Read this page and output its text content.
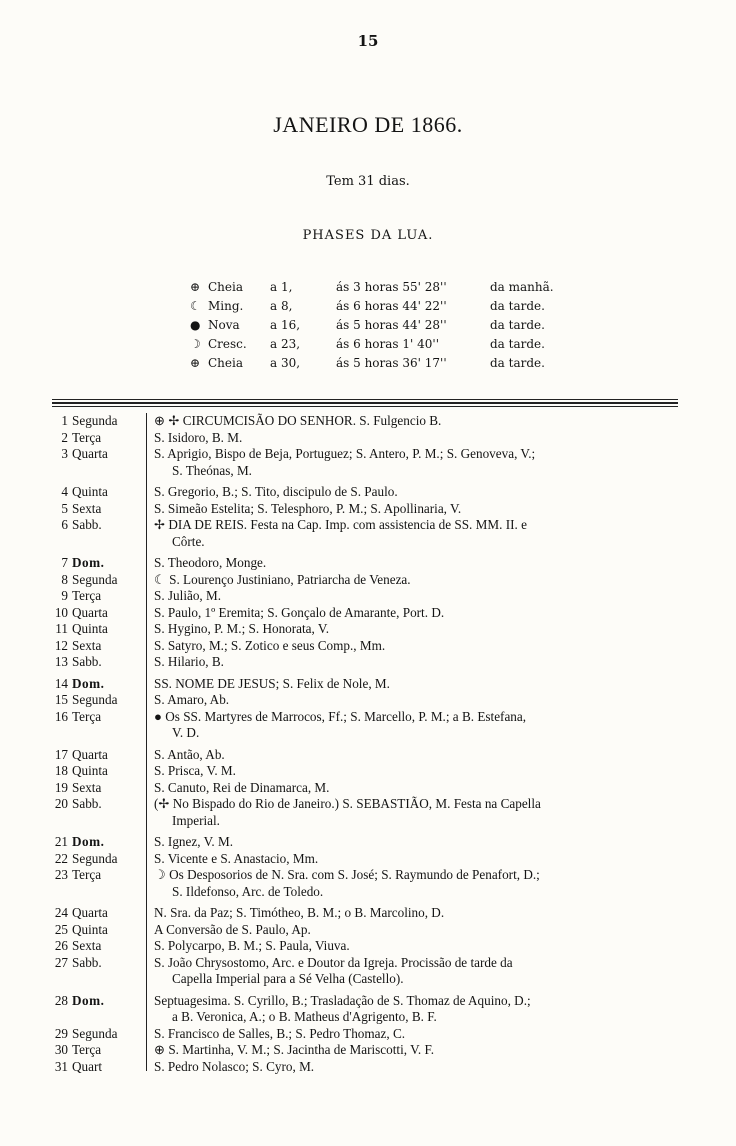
15
JANEIRO DE 1866.
Tem 31 dias.
PHASES DA LUA.
⊕ Cheia	a 1,	ás 3 horas 55' 28''	da manhã.
☾ Ming.	a 8,	ás 6 horas 44' 22''	da tarde.
● Nova	a 16,	ás 5 horas 44' 28''	da tarde.
☽ Cresc.	a 23,	ás 6 horas 1' 40''	da tarde.
⊕ Cheia	a 30,	ás 5 horas 36' 17''	da tarde.
1 Segunda	⊕ ✢ CIRCUMCISÃO DO SENHOR. S. Fulgencio B.
2 Terça	S. Isidoro, B. M.
3 Quarta	S. Aprigio, Bispo de Beja, Portuguez; S. Antero, P. M.; S. Genoveva, V.;
S. Theónas, M.
4 Quinta	S. Gregorio, B.; S. Tito, discipulo de S. Paulo.
5 Sexta	S. Simeão Estelita; S. Telesphoro, P. M.; S. Apollinaria, V.
6 Sabb.	✢ DIA DE REIS. Festa na Cap. Imp. com assistencia de SS. MM. II. e
Côrte.
7 Dom.	S. Theodoro, Monge.
8 Segunda	☾ S. Lourenço Justiniano, Patriarcha de Veneza.
9 Terça	S. Julião, M.
10 Quarta	S. Paulo, 1º Eremita; S. Gonçalo de Amarante, Port. D.
11 Quinta	S. Hygino, P. M.; S. Honorata, V.
12 Sexta	S. Satyro, M.; S. Zotico e seus Comp., Mm.
13 Sabb.	S. Hilario, B.
14 Dom.	SS. NOME DE JESUS; S. Felix de Nole, M.
15 Segunda	S. Amaro, Ab.
16 Terça	● Os SS. Martyres de Marrocos, Ff.; S. Marcello, P. M.; a B. Estefana,
V. D.
17 Quarta	S. Antão, Ab.
18 Quinta	S. Prisca, V. M.
19 Sexta	S. Canuto, Rei de Dinamarca, M.
20 Sabb.	(✢ No Bispado do Rio de Janeiro.) S. SEBASTIÃO, M. Festa na Capella
Imperial.
21 Dom.	S. Ignez, V. M.
22 Segunda	S. Vicente e S. Anastacio, Mm.
23 Terça	☽ Os Desposorios de N. Sra. com S. José; S. Raymundo de Penafort, D.;
S. Ildefonso, Arc. de Toledo.
24 Quarta	N. Sra. da Paz; S. Timótheo, B. M.; o B. Marcolino, D.
25 Quinta	A Conversão de S. Paulo, Ap.
26 Sexta	S. Polycarpo, B. M.; S. Paula, Viuva.
27 Sabb.	S. João Chrysostomo, Arc. e Doutor da Igreja. Procissão de tarde da
Capella Imperial para a Sé Velha (Castello).
28 Dom.	Septuagesima. S. Cyrillo, B.; Trasladação de S. Thomaz de Aquino, D.;
a B. Veronica, A.; o B. Matheus d'Agrigento, B. F.
29 Segunda	S. Francisco de Salles, B.; S. Pedro Thomaz, C.
30 Terça	⊕ S. Martinha, V. M.; S. Jacintha de Mariscotti, V. F.
31 Quart	S. Pedro Nolasco; S. Cyro, M.
